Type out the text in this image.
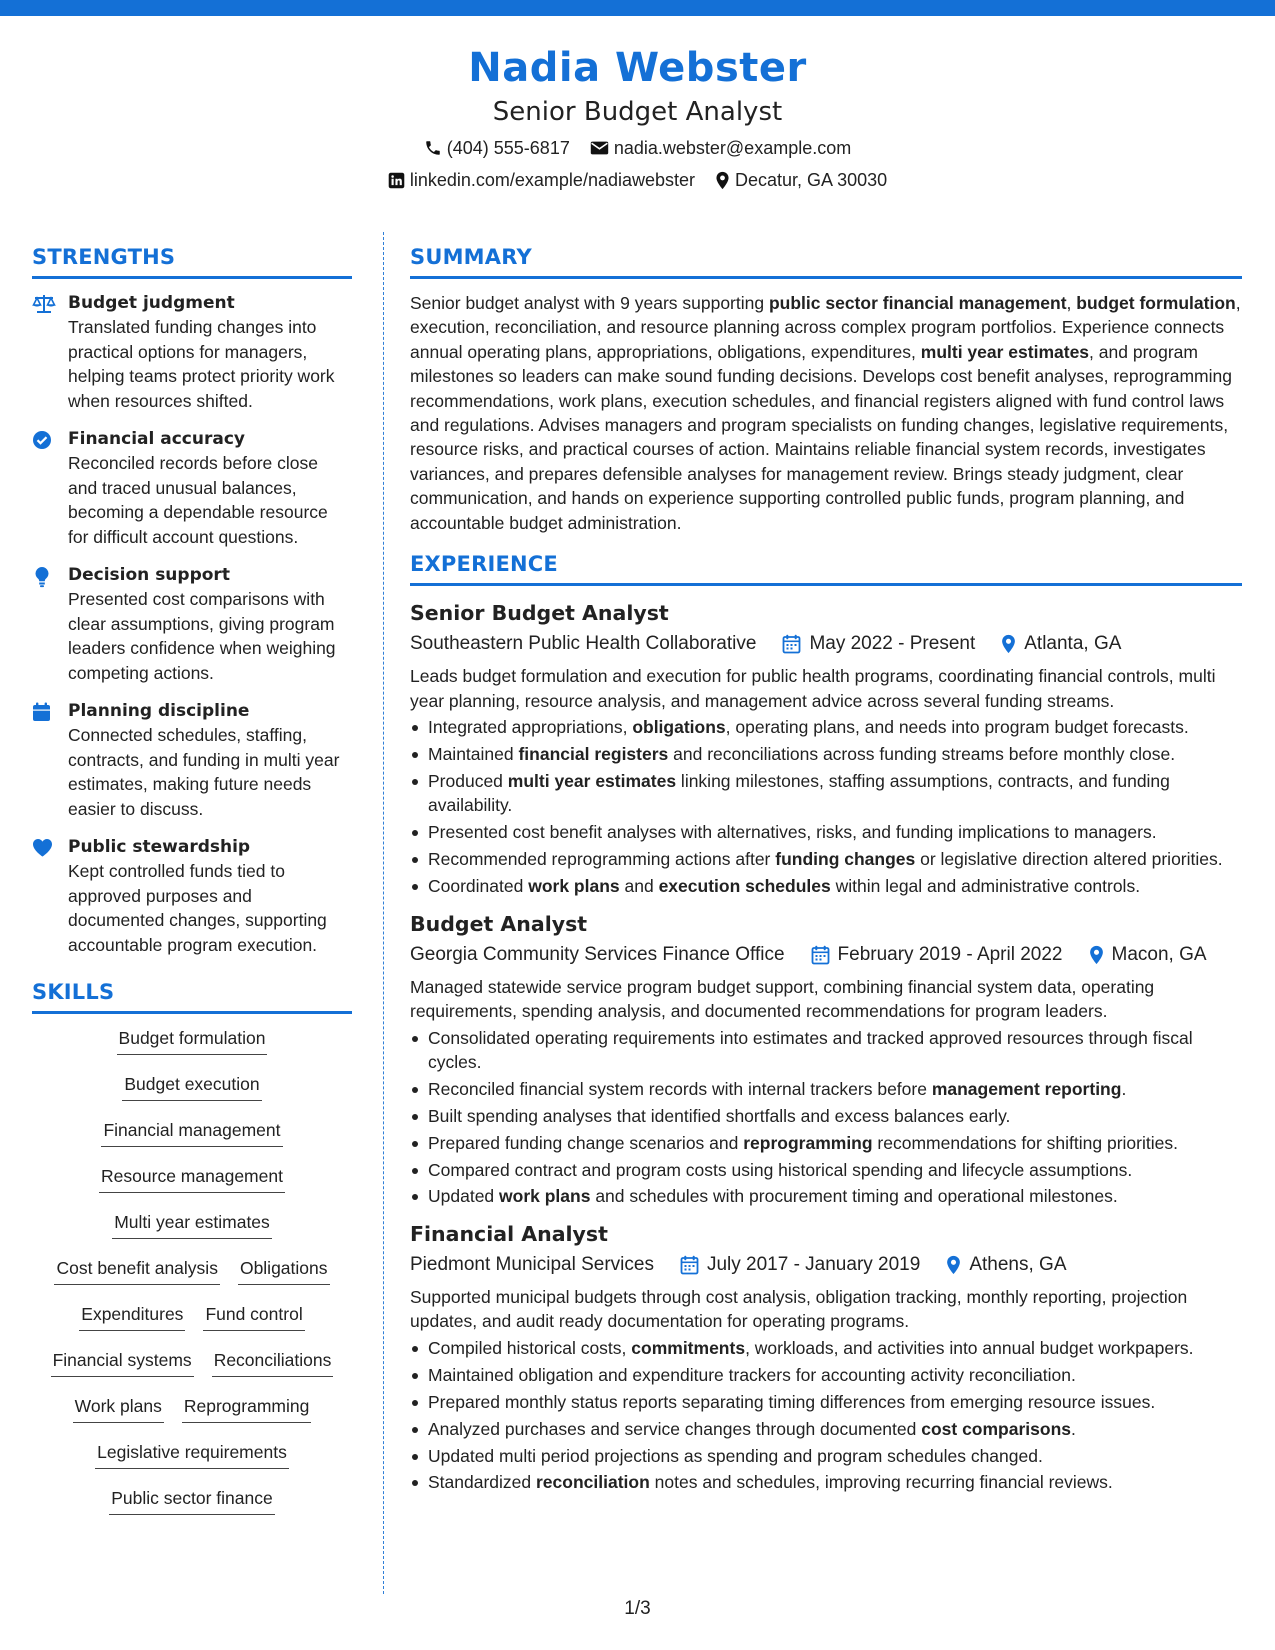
Nadia Webster
Senior Budget Analyst
(404) 555-6817 nadia.webster@example.com
linkedin.com/example/nadiawebster Decatur, GA 30030
STRENGTHS
Budget judgment
Translated funding changes into practical options for managers, helping teams protect priority work when resources shifted.
Financial accuracy
Reconciled records before close and traced unusual balances, becoming a dependable resource for difficult account questions.
Decision support
Presented cost comparisons with clear assumptions, giving program leaders confidence when weighing competing actions.
Planning discipline
Connected schedules, staffing, contracts, and funding in multi year estimates, making future needs easier to discuss.
Public stewardship
Kept controlled funds tied to approved purposes and documented changes, supporting accountable program execution.
SKILLS
Budget formulation
Budget execution
Financial management
Resource management
Multi year estimates
Cost benefit analysis Obligations
Expenditures Fund control
Financial systems Reconciliations
Work plans Reprogramming
Legislative requirements
Public sector finance
SUMMARY

Senior budget analyst with 9 years supporting public sector financial management, budget formulation, execution, reconciliation, and resource planning across complex program portfolios. Experience connects annual operating plans, appropriations, obligations, expenditures, multi year estimates, and program milestones so leaders can make sound funding decisions. Develops cost benefit analyses, reprogramming recommendations, work plans, execution schedules, and financial registers aligned with fund control laws and regulations. Advises managers and program specialists on funding changes, legislative requirements, resource risks, and practical courses of action. Maintains reliable financial system records, investigates variances, and prepares defensible analyses for management review. Brings steady judgment, clear communication, and hands on experience supporting controlled public funds, program planning, and accountable budget administration.

EXPERIENCE
Senior Budget Analyst
Southeastern Public Health Collaborative	May 2022 - Present	Atlanta, GA
Leads budget formulation and execution for public health programs, coordinating financial controls, multi year planning, resource analysis, and management advice across several funding streams.
Integrated appropriations, obligations, operating plans, and needs into program budget forecasts.
Maintained financial registers and reconciliations across funding streams before monthly close.
Produced multi year estimates linking milestones, staffing assumptions, contracts, and funding availability.
Presented cost benefit analyses with alternatives, risks, and funding implications to managers.
Recommended reprogramming actions after funding changes or legislative direction altered priorities.
Coordinated work plans and execution schedules within legal and administrative controls.
Budget Analyst
Georgia Community Services Finance Office	February 2019 - April 2022	Macon, GA
Managed statewide service program budget support, combining financial system data, operating requirements, spending analysis, and documented recommendations for program leaders.
Consolidated operating requirements into estimates and tracked approved resources through fiscal cycles.
Reconciled financial system records with internal trackers before management reporting.
Built spending analyses that identified shortfalls and excess balances early.
Prepared funding change scenarios and reprogramming recommendations for shifting priorities.
Compared contract and program costs using historical spending and lifecycle assumptions.
Updated work plans and schedules with procurement timing and operational milestones.
Financial Analyst
Piedmont Municipal Services	July 2017 - January 2019	Athens, GA
Supported municipal budgets through cost analysis, obligation tracking, monthly reporting, projection updates, and audit ready documentation for operating programs.
Compiled historical costs, commitments, workloads, and activities into annual budget workpapers.
Maintained obligation and expenditure trackers for accounting activity reconciliation.
Prepared monthly status reports separating timing differences from emerging resource issues.
Analyzed purchases and service changes through documented cost comparisons.
Updated multi period projections as spending and program schedules changed.
Standardized reconciliation notes and schedules, improving recurring financial reviews.
1/3
